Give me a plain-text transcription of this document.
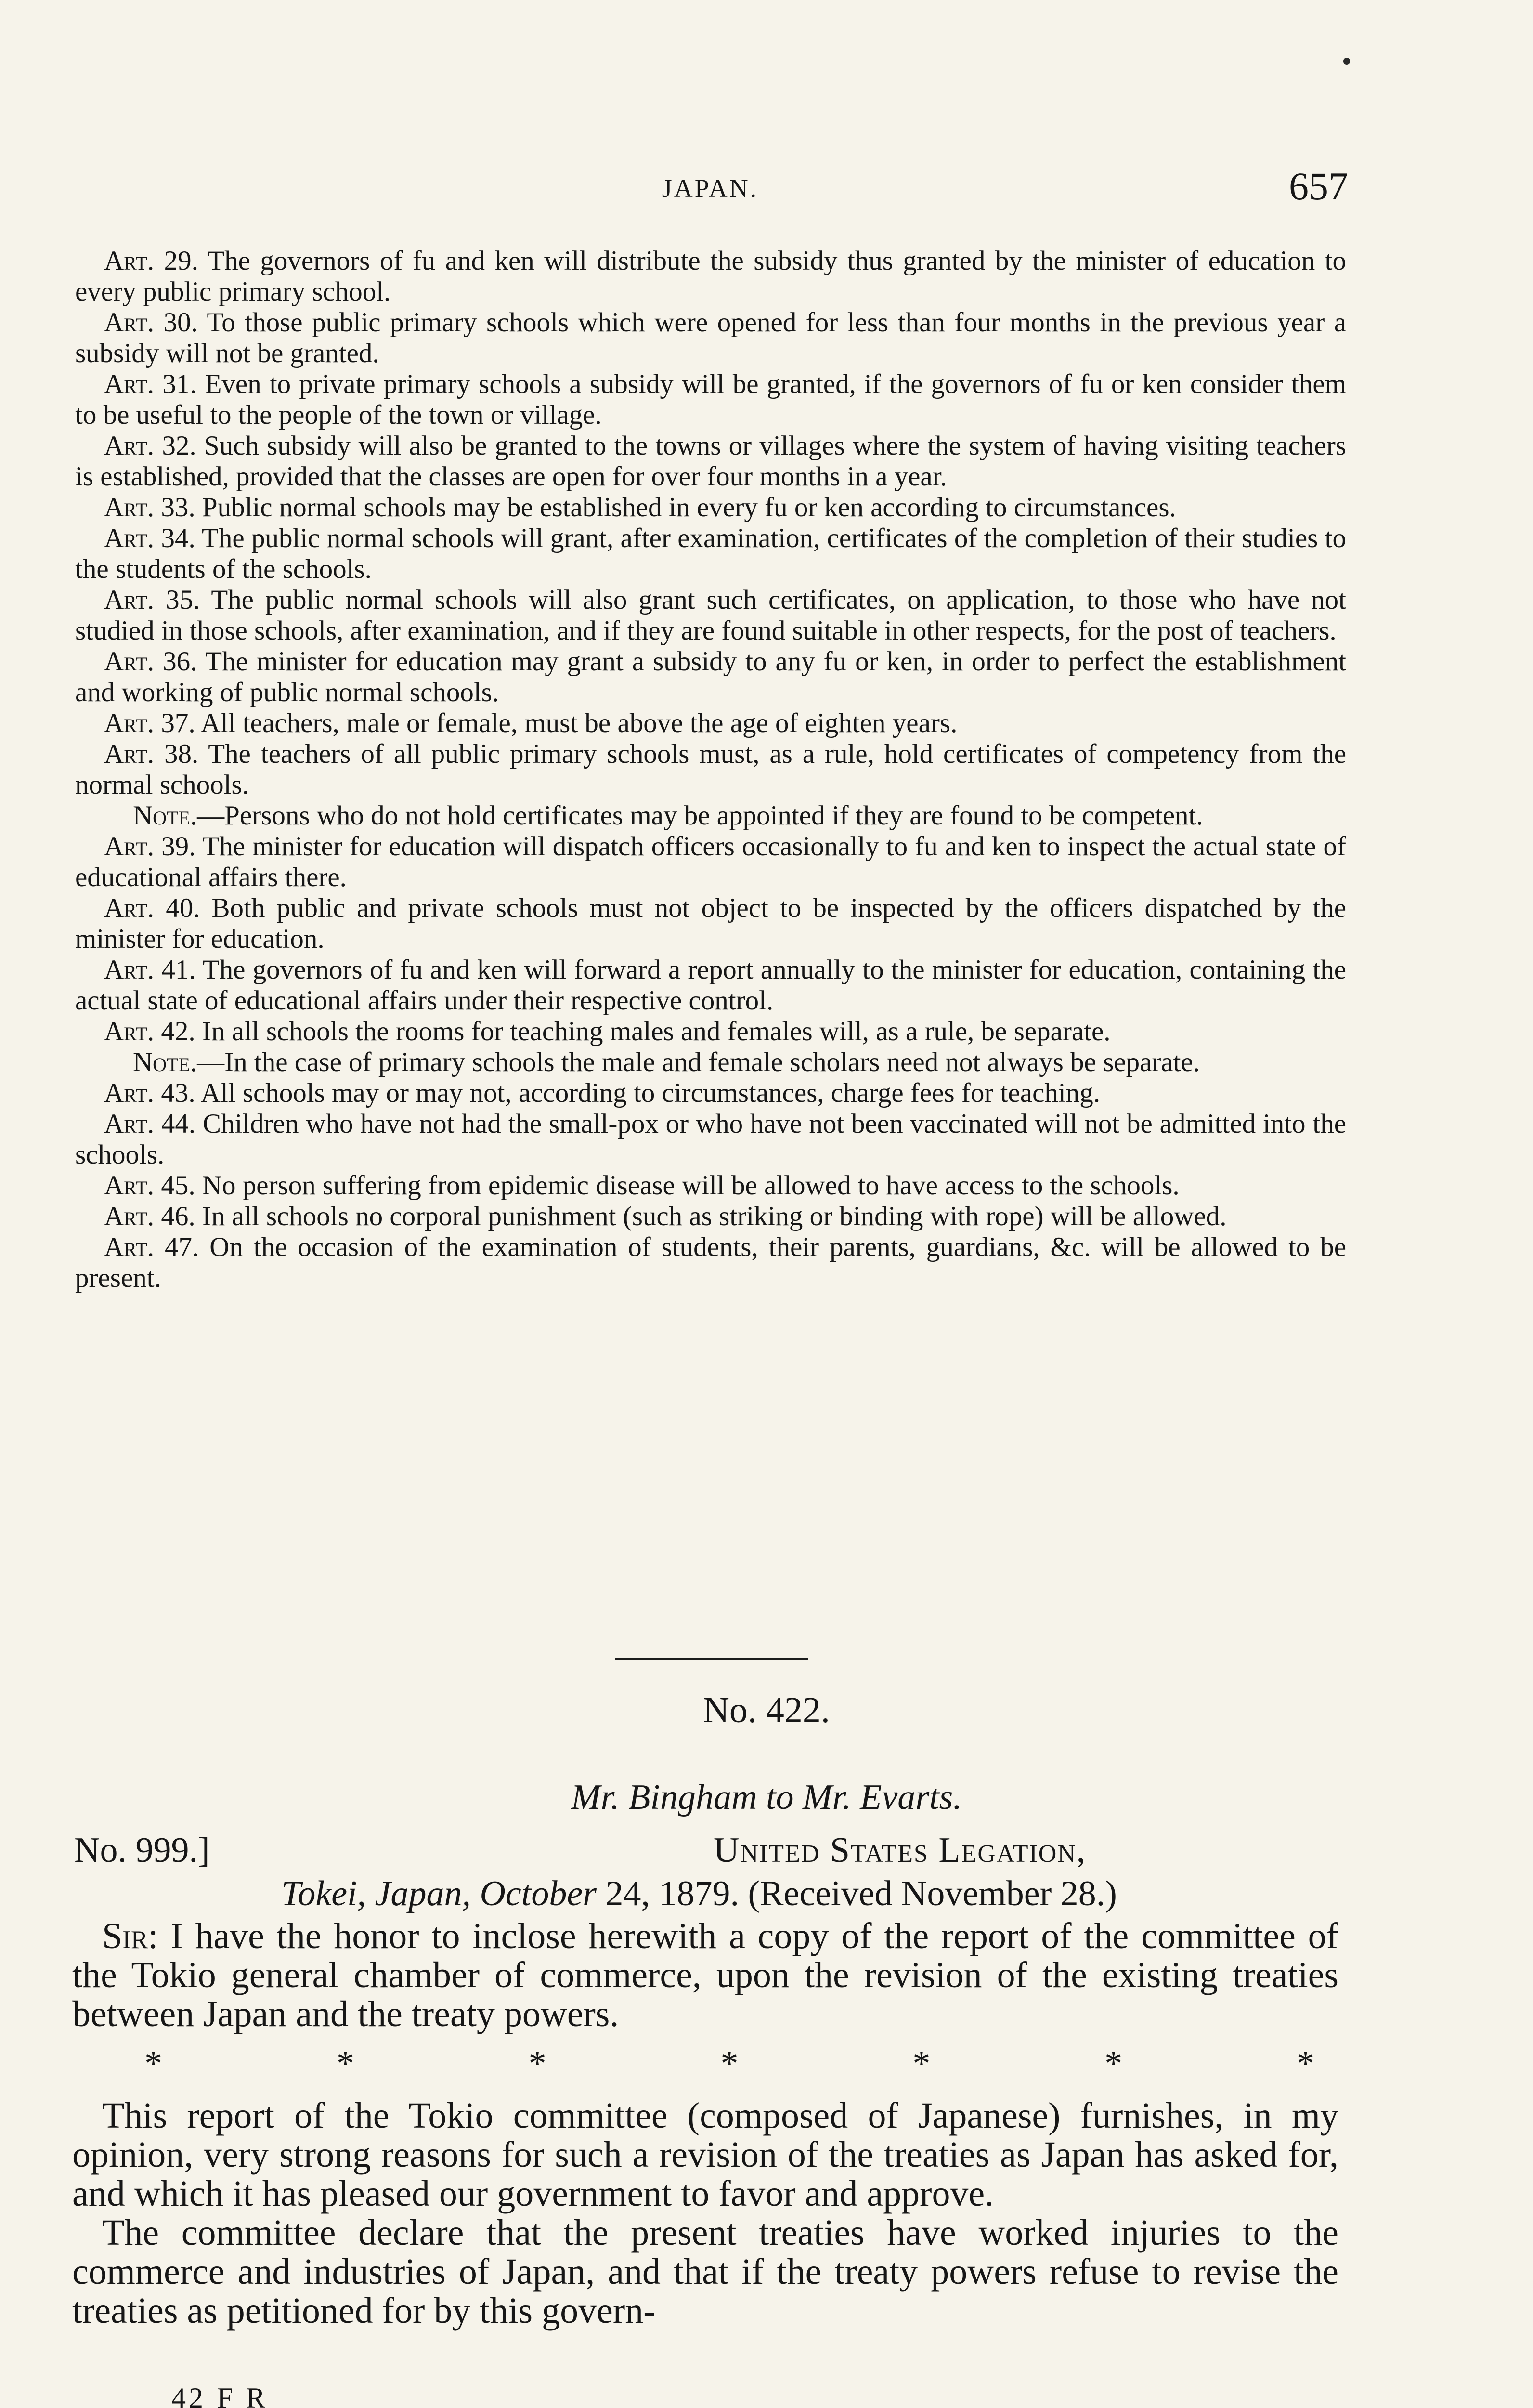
JAPAN.	657

Art. 29. The governors of fu and ken will distribute the subsidy thus granted by the minister of education to every public primary school.

Art. 30. To those public primary schools which were opened for less than four months in the previous year a subsidy will not be granted.

Art. 31. Even to private primary schools a subsidy will be granted, if the governors of fu or ken consider them to be useful to the people of the town or village.

Art. 32. Such subsidy will also be granted to the towns or villages where the system of having visiting teachers is established, provided that the classes are open for over four months in a year.

Art. 33. Public normal schools may be established in every fu or ken according to circumstances.

Art. 34. The public normal schools will grant, after examination, certificates of the completion of their studies to the students of the schools.

Art. 35. The public normal schools will also grant such certificates, on application, to those who have not studied in those schools, after examination, and if they are found suitable in other respects, for the post of teachers.

Art. 36. The minister for education may grant a subsidy to any fu or ken, in order to perfect the establishment and working of public normal schools.

Art. 37. All teachers, male or female, must be above the age of eighten years.

Art. 38. The teachers of all public primary schools must, as a rule, hold certificates of competency from the normal schools.

Note.—Persons who do not hold certificates may be appointed if they are found to be competent.

Art. 39. The minister for education will dispatch officers occasionally to fu and ken to inspect the actual state of educational affairs there.

Art. 40. Both public and private schools must not object to be inspected by the officers dispatched by the minister for education.

Art. 41. The governors of fu and ken will forward a report annually to the minister for education, containing the actual state of educational affairs under their respective control.

Art. 42. In all schools the rooms for teaching males and females will, as a rule, be separate.

Note.—In the case of primary schools the male and female scholars need not always be separate.

Art. 43. All schools may or may not, according to circumstances, charge fees for teaching.

Art. 44. Children who have not had the small-pox or who have not been vaccinated will not be admitted into the schools.

Art. 45. No person suffering from epidemic disease will be allowed to have access to the schools.

Art. 46. In all schools no corporal punishment (such as striking or binding with rope) will be allowed.

Art. 47. On the occasion of the examination of students, their parents, guardians, &c. will be allowed to be present.

No. 422.
Mr. Bingham to Mr. Evarts.
No. 999.]	United States Legation,
Tokei, Japan, October 24, 1879. (Received November 28.)

Sir: I have the honor to inclose herewith a copy of the report of the committee of the Tokio general chamber of commerce, upon the revision of the existing treaties between Japan and the treaty powers.

*	*	*	*	*	*	*

This report of the Tokio committee (composed of Japanese) furnishes, in my opinion, very strong reasons for such a revision of the treaties as Japan has asked for, and which it has pleased our government to favor and approve.

The committee declare that the present treaties have worked injuries to the commerce and industries of Japan, and that if the treaty powers refuse to revise the treaties as petitioned for by this govern-

42 F R
